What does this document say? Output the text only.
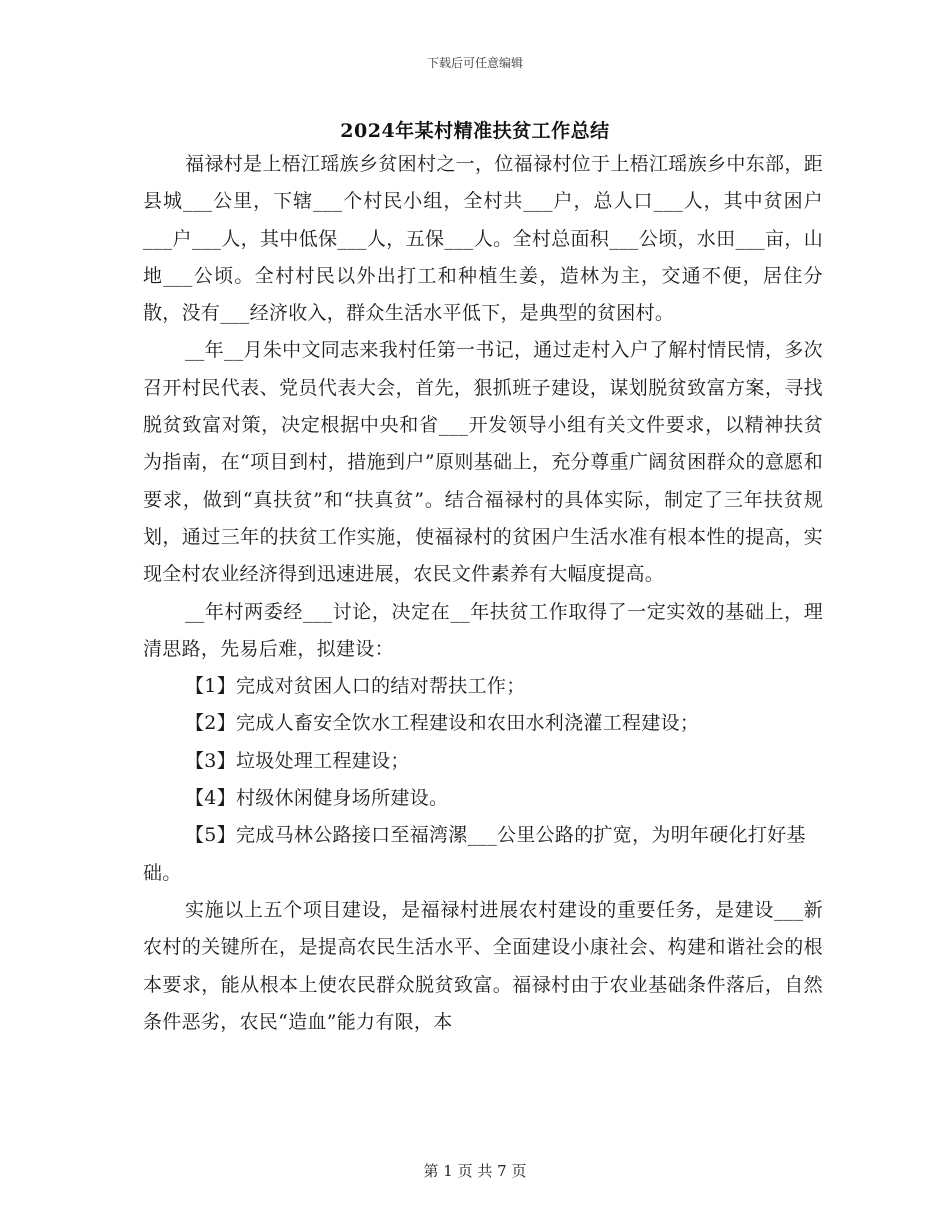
下载后可任意编辑
2024年某村精准扶贫工作总结

福禄村是上梧江瑶族乡贫困村之一，位福禄村位于上梧江瑶族乡中东部，距县城___公里，下辖___个村民小组，全村共___户，总人口___人，其中贫困户___户___人，其中低保___人，五保___人。全村总面积___公顷，水田___亩，山地___公顷。全村村民以外出打工和种植生姜，造林为主，交通不便，居住分散，没有___经济收入，群众生活水平低下，是典型的贫困村。

__年__月朱中文同志来我村任第一书记，通过走村入户了解村情民情，多次召开村民代表、党员代表大会，首先，狠抓班子建设，谋划脱贫致富方案，寻找脱贫致富对策，决定根据中央和省___开发领导小组有关文件要求，以精神扶贫为指南，在“项目到村，措施到户”原则基础上，充分尊重广阔贫困群众的意愿和要求，做到“真扶贫”和“扶真贫”。结合福禄村的具体实际，制定了三年扶贫规划，通过三年的扶贫工作实施，使福禄村的贫困户生活水准有根本性的提高，实现全村农业经济得到迅速进展，农民文件素养有大幅度提高。

__年村两委经___讨论，决定在__年扶贫工作取得了一定实效的基础上，理清思路，先易后难，拟建设：

【1】完成对贫困人口的结对帮扶工作；

【2】完成人畜安全饮水工程建设和农田水利浇灌工程建设；

【3】垃圾处理工程建设；

【4】村级休闲健身场所建设。

【5】完成马林公路接口至福湾漯___公里公路的扩宽，为明年硬化打好基础。

实施以上五个项目建设，是福禄村进展农村建设的重要任务，是建设___新农村的关键所在，是提高农民生活水平、全面建设小康社会、构建和谐社会的根本要求，能从根本上使农民群众脱贫致富。福禄村由于农业基础条件落后，自然条件恶劣，农民“造血”能力有限，本

第 1 页 共 7 页
